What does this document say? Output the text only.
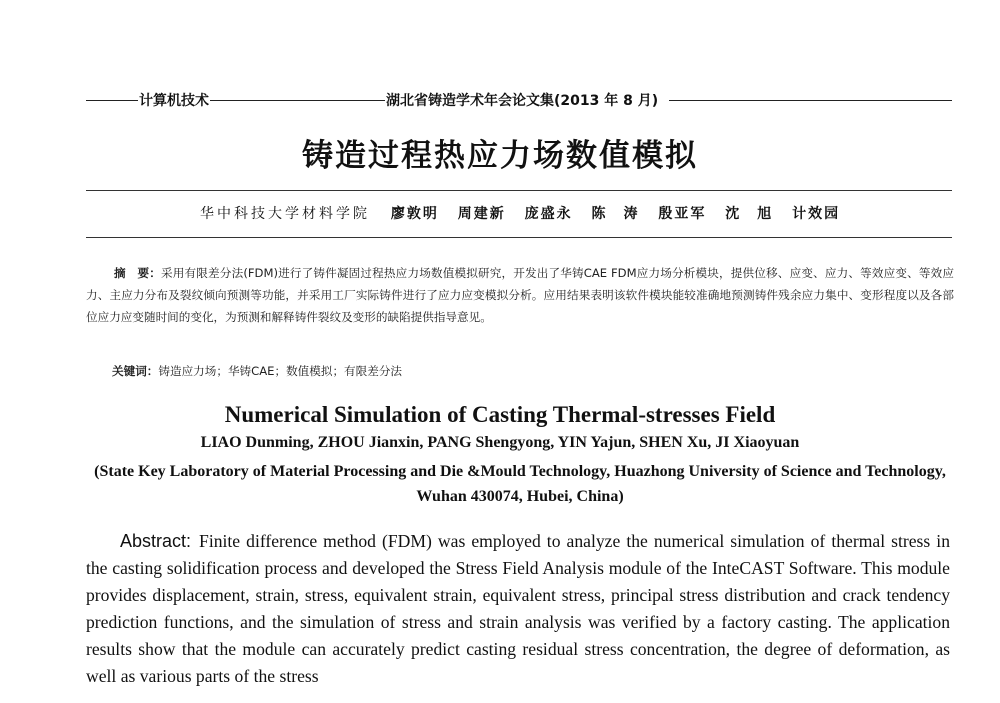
计算机技术	湖北省铸造学术年会论文集(2013 年 8 月)
铸造过程热应力场数值模拟
华中科技大学材料学院 廖敦明 周建新 庞盛永 陈　涛 殷亚军 沈　旭 计效园
摘　要：采用有限差分法(FDM)进行了铸件凝固过程热应力场数值模拟研究，开发出了华铸CAE FDM应力场分析模块，提供位移、应变、应力、等效应变、等效应力、主应力分布及裂纹倾向预测等功能，并采用工厂实际铸件进行了应力应变模拟分析。应用结果表明该软件模块能较准确地预测铸件残余应力集中、变形程度以及各部位应力应变随时间的变化，为预测和解释铸件裂纹及变形的缺陷提供指导意见。
关键词：铸造应力场；华铸CAE；数值模拟；有限差分法
Numerical Simulation of Casting Thermal-stresses Field
LIAO Dunming, ZHOU Jianxin, PANG Shengyong, YIN Yajun, SHEN Xu, JI Xiaoyuan
(State Key Laboratory of Material Processing and Die &Mould Technology, Huazhong University of Science and Technology, Wuhan 430074, Hubei, China)
Abstract: Finite difference method (FDM) was employed to analyze the numerical simulation of thermal stress in the casting solidification process and developed the Stress Field Analysis module of the InteCAST Software. This module provides displacement, strain, stress, equivalent strain, equivalent stress, principal stress distribution and crack tendency prediction functions, and the simulation of stress and strain analysis was verified by a factory casting. The application results show that the module can accurately predict casting residual stress concentration, the degree of deformation, as well as various parts of the stress
